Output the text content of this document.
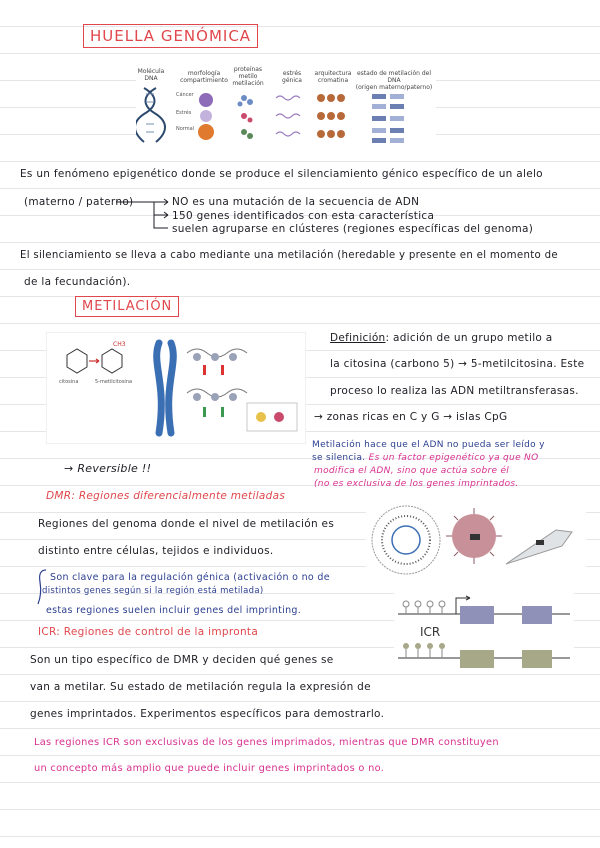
HUELLA GENÓMICA
Molécula
DNA
morfología
compartimiento
proteínas
metilo
metilación
estrés
génica
arquitectura
cromatina
estado de metilación del DNA
(origen materno/paterno)
Cáncer
Estrés
Normal
Es un fenómeno epigenético donde se produce el silenciamiento génico específico de un alelo
(materno / paterno)	NO es una mutación de la secuencia de ADN
150 genes identificados con esta característica
suelen agruparse en clústeres (regiones específicas del genoma)
El silenciamiento se lleva a cabo mediante una metilación (heredable y presente en el momento de
de la fecundación).
METILACIÓN
CH3
citosina	5-metilcitosina
Definición: adición de un grupo metilo a
la citosina (carbono 5) → 5-metilcitosina. Este
proceso lo realiza las ADN metiltransferasas.
→ zonas ricas en C y G → islas CpG
Metilación hace que el ADN no pueda ser leído y
se silencia. Es un factor epigenético ya que NO
modifica el ADN, sino que actúa sobre él
(no es exclusiva de los genes imprintados.
→ Reversible !!
DMR: Regiones diferencialmente metiladas
Regiones del genoma donde el nivel de metilación es
distinto entre células, tejidos e individuos.
Son clave para la regulación génica (activación o no de
distintos genes según si la región está metilada)
estas regiones suelen incluir genes del imprinting.
ICR: Regiones de control de la impronta
Son un tipo específico de DMR y deciden qué genes se
van a metilar. Su estado de metilación regula la expresión de
genes imprintados. Experimentos específicos para demostrarlo.
ICR
Las regiones ICR son exclusivas de los genes imprimados, mientras que DMR constituyen
un concepto más amplio que puede incluir genes imprintados o no.
